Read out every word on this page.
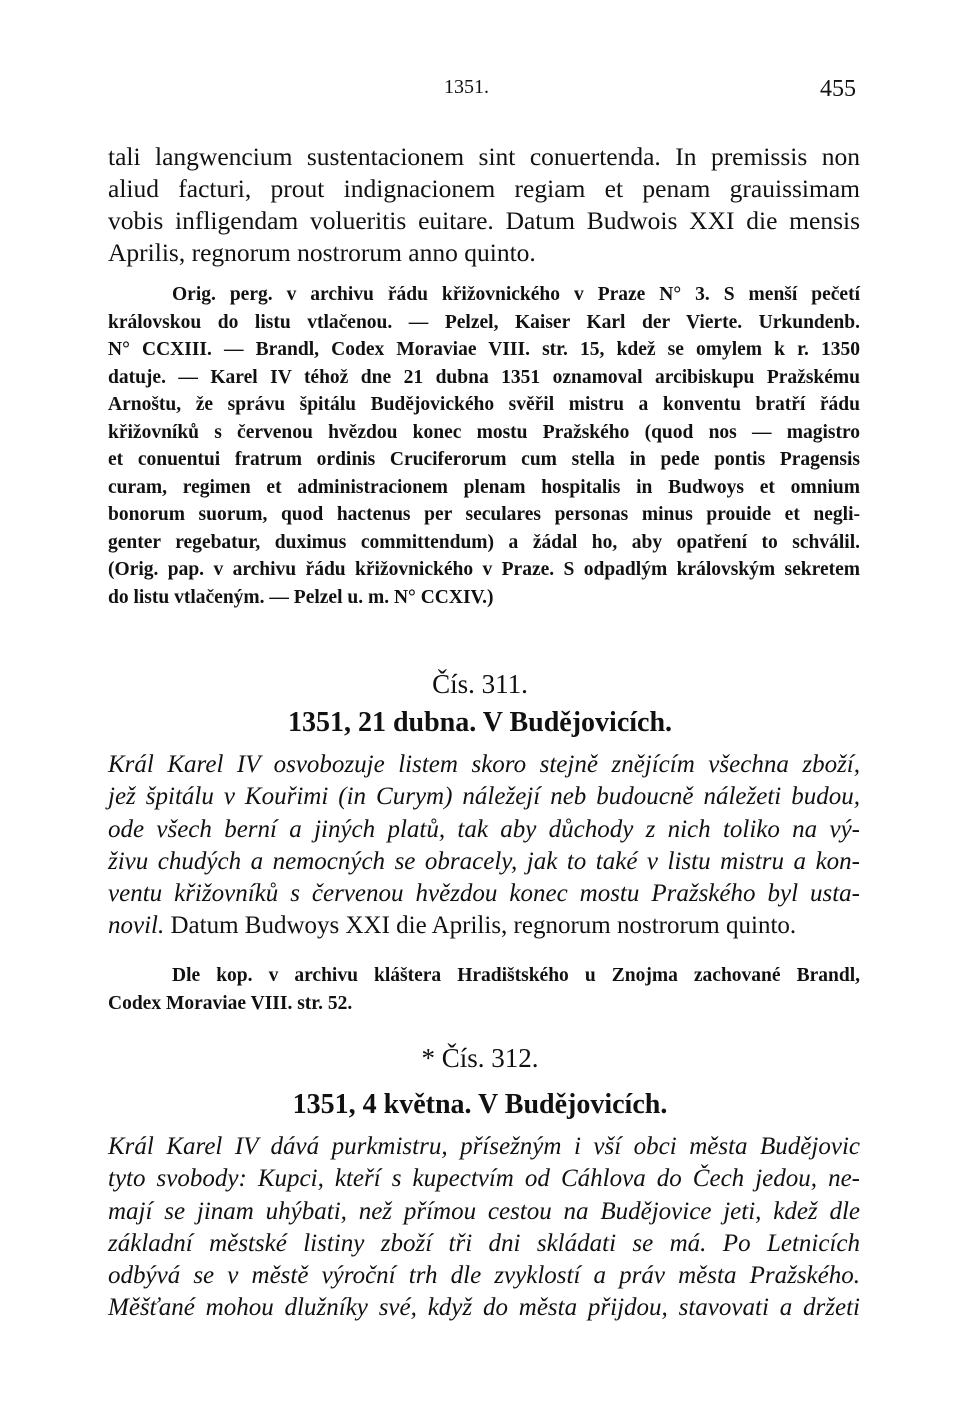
1351.	455
tali langwencium sustentacionem sint conuertenda. In premissis non
aliud facturi, prout indignacionem regiam et penam grauissimam
vobis infligendam volueritis euitare. Datum Budwois XXI die mensis
Aprilis, regnorum nostrorum anno quinto.
Orig. perg. v archivu řádu křižovnického v Praze N° 3. S menší pečetí
královskou do listu vtlačenou. — Pelzel, Kaiser Karl der Vierte. Urkundenb.
N° CCXIII. — Brandl, Codex Moraviae VIII. str. 15, kdež se omylem k r. 1350
datuje. — Karel IV téhož dne 21 dubna 1351 oznamoval arcibiskupu Pražskému
Arnoštu, že správu špitálu Budějovického svěřil mistru a konventu bratří řádu
křižovníků s červenou hvězdou konec mostu Pražského (quod nos — magistro
et conuentui fratrum ordinis Cruciferorum cum stella in pede pontis Pragensis
curam, regimen et administracionem plenam hospitalis in Budwoys et omnium
bonorum suorum, quod hactenus per seculares personas minus prouide et negli-
genter regebatur, duximus committendum) a žádal ho, aby opatření to schválil.
(Orig. pap. v archivu řádu křižovnického v Praze. S odpadlým královským sekretem
do listu vtlačeným. — Pelzel u. m. N° CCXIV.)
Čís. 311.
1351, 21 dubna. V Budějovicích.
Král Karel IV osvobozuje listem skoro stejně znějícím všechna zboží,
jež špitálu v Kouřimi (in Curym) náležejí neb budoucně náležeti budou,
ode všech berní a jiných platů, tak aby důchody z nich toliko na vý-
živu chudých a nemocných se obracely, jak to také v listu mistru a kon-
ventu křižovníků s červenou hvězdou konec mostu Pražského byl usta-
novil. Datum Budwoys XXI die Aprilis, regnorum nostrorum quinto.
Dle kop. v archivu kláštera Hradištského u Znojma zachované Brandl,
Codex Moraviae VIII. str. 52.
* Čís. 312.
1351, 4 května. V Budějovicích.
Král Karel IV dává purkmistru, přísežným i vší obci města Budějovic
tyto svobody: Kupci, kteří s kupectvím od Cáhlova do Čech jedou, ne-
mají se jinam uhýbati, než přímou cestou na Budějovice jeti, kdež dle
základní městské listiny zboží tři dni skládati se má. Po Letnicích
odbývá se v městě výroční trh dle zvyklostí a práv města Pražského.
Měšťané mohou dlužníky své, když do města přijdou, stavovati a držeti
